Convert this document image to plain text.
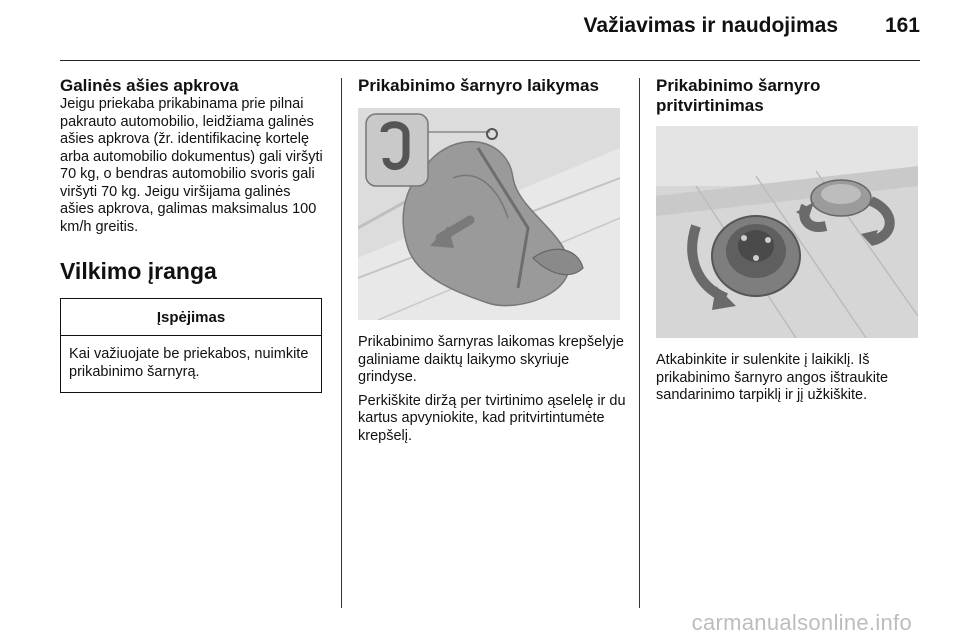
Važiavimas ir naudojimas 161
Galinės ašies apkrova

Jeigu priekaba prikabinama prie pilnai pakrauto automobilio, leidžiama galinės ašies apkrova (žr. identifikacinę kortelę arba automobilio dokumentus) gali viršyti 70 kg, o bendras automobilio svoris gali viršyti 70 kg. Jeigu viršijama galinės ašies apkrova, galimas maksimalus 100 km/h greitis.

Vilkimo įranga
Įspėjimas
Kai važiuojate be priekabos, nuimkite prikabinimo šarnyrą.
Prikabinimo šarnyro laikymas

Prikabinimo šarnyras laikomas krepšelyje galiniame daiktų laikymo skyriuje grindyse.

Perkiškite diržą per tvirtinimo ąselelę ir du kartus apvyniokite, kad pritvirtintumėte krepšelį.

Prikabinimo šarnyro pritvirtinimas

Atkabinkite ir sulenkite į laikiklį. Iš prikabinimo šarnyro angos ištraukite sandarinimo tarpiklį ir jį užkiškite.

carmanualsonline.info
